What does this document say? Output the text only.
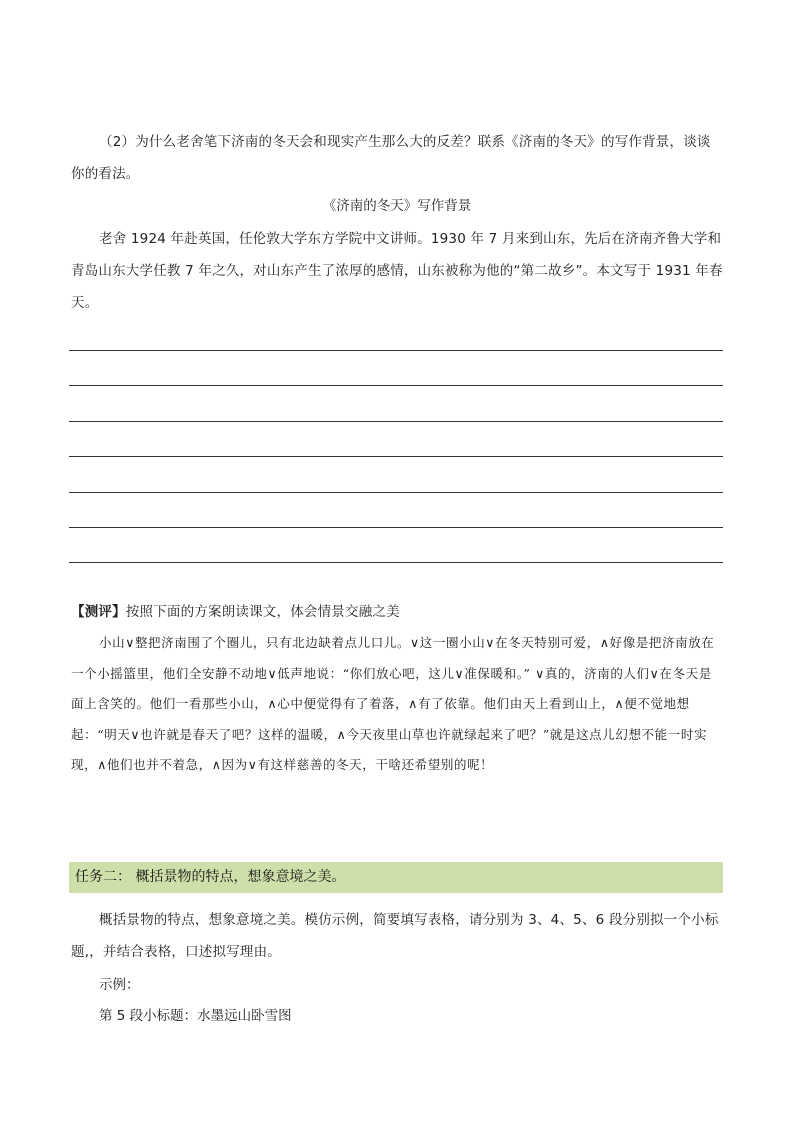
（2）为什么老舍笔下济南的冬天会和现实产生那么大的反差？联系《济南的冬天》的写作背景，谈谈你的看法。
《济南的冬天》写作背景
老舍 1924 年赴英国，任伦敦大学东方学院中文讲师。1930 年 7 月来到山东，先后在济南齐鲁大学和青岛山东大学任教 7 年之久，对山东产生了浓厚的感情，山东被称为他的“第二故乡”。本文写于 1931 年春天。
【测评】按照下面的方案朗读课文，体会情景交融之美
小山∨整把济南围了个圈儿，只有北边缺着点儿口儿。∨这一圈小山∨在冬天特别可爱，∧好像是把济南放在一个小摇篮里，他们全安静不动地∨低声地说：“你们放心吧，这儿∨准保暖和。” ∨真的，济南的人们∨在冬天是面上含笑的。他们一看那些小山，∧心中便觉得有了着落，∧有了依靠。他们由天上看到山上，∧便不觉地想起：“明天∨也许就是春天了吧？这样的温暖，∧今天夜里山草也许就绿起来了吧？”就是这点儿幻想不能一时实现，∧他们也并不着急，∧因为∨有这样慈善的冬天，干啥还希望别的呢！
任务二： 概括景物的特点，想象意境之美。
概括景物的特点，想象意境之美。模仿示例，简要填写表格，请分别为 3、4、5、6 段分别拟一个小标题,，并结合表格，口述拟写理由。
示例：
第 5 段小标题：水墨远山卧雪图
